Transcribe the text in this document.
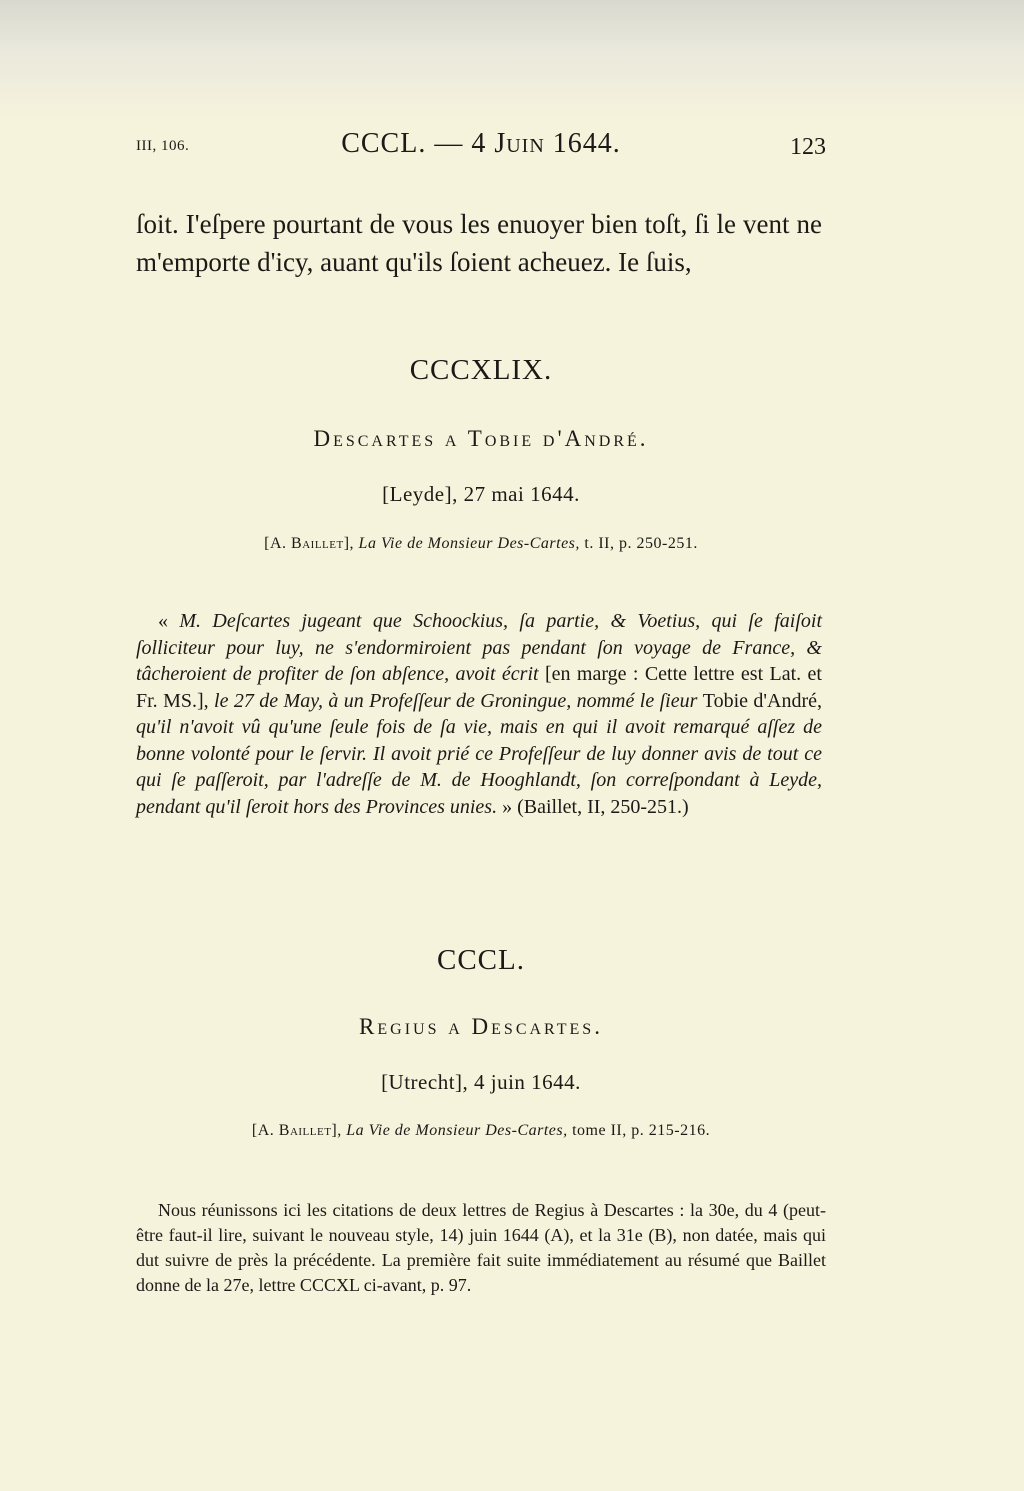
III, 106.	CCCL. — 4 Juin 1644.	123

ſoit. I'eſpere pourtant de vous les enuoyer bien toſt, ſi le vent ne m'emporte d'icy, auant qu'ils ſoient acheuez. Ie ſuis,

CCCXLIX.
Descartes a Tobie d'André.
[Leyde], 27 mai 1644.
[A. Baillet], La Vie de Monsieur Des-Cartes, t. II, p. 250-251.

« M. Deſcartes jugeant que Schoockius, ſa partie, & Voetius, qui ſe faiſoit ſolliciteur pour luy, ne s'endormiroient pas pendant ſon voyage de France, & tâcheroient de profiter de ſon abſence, avoit écrit [en marge : Cette lettre est Lat. et Fr. MS.], le 27 de May, à un Profeſſeur de Groningue, nommé le ſieur Tobie d'André, qu'il n'avoit vû qu'une ſeule fois de ſa vie, mais en qui il avoit remarqué aſſez de bonne volonté pour le ſervir. Il avoit prié ce Profeſſeur de luy donner avis de tout ce qui ſe paſſeroit, par l'adreſſe de M. de Hooghlandt, ſon correſpondant à Leyde, pendant qu'il ſeroit hors des Provinces unies. » (Baillet, II, 250-251.)

CCCL.
Regius a Descartes.
[Utrecht], 4 juin 1644.
[A. Baillet], La Vie de Monsieur Des-Cartes, tome II, p. 215-216.

Nous réunissons ici les citations de deux lettres de Regius à Descartes : la 30e, du 4 (peut-être faut-il lire, suivant le nouveau style, 14) juin 1644 (A), et la 31e (B), non datée, mais qui dut suivre de près la précédente. La première fait suite immédiatement au résumé que Baillet donne de la 27e, lettre CCCXL ci-avant, p. 97.
